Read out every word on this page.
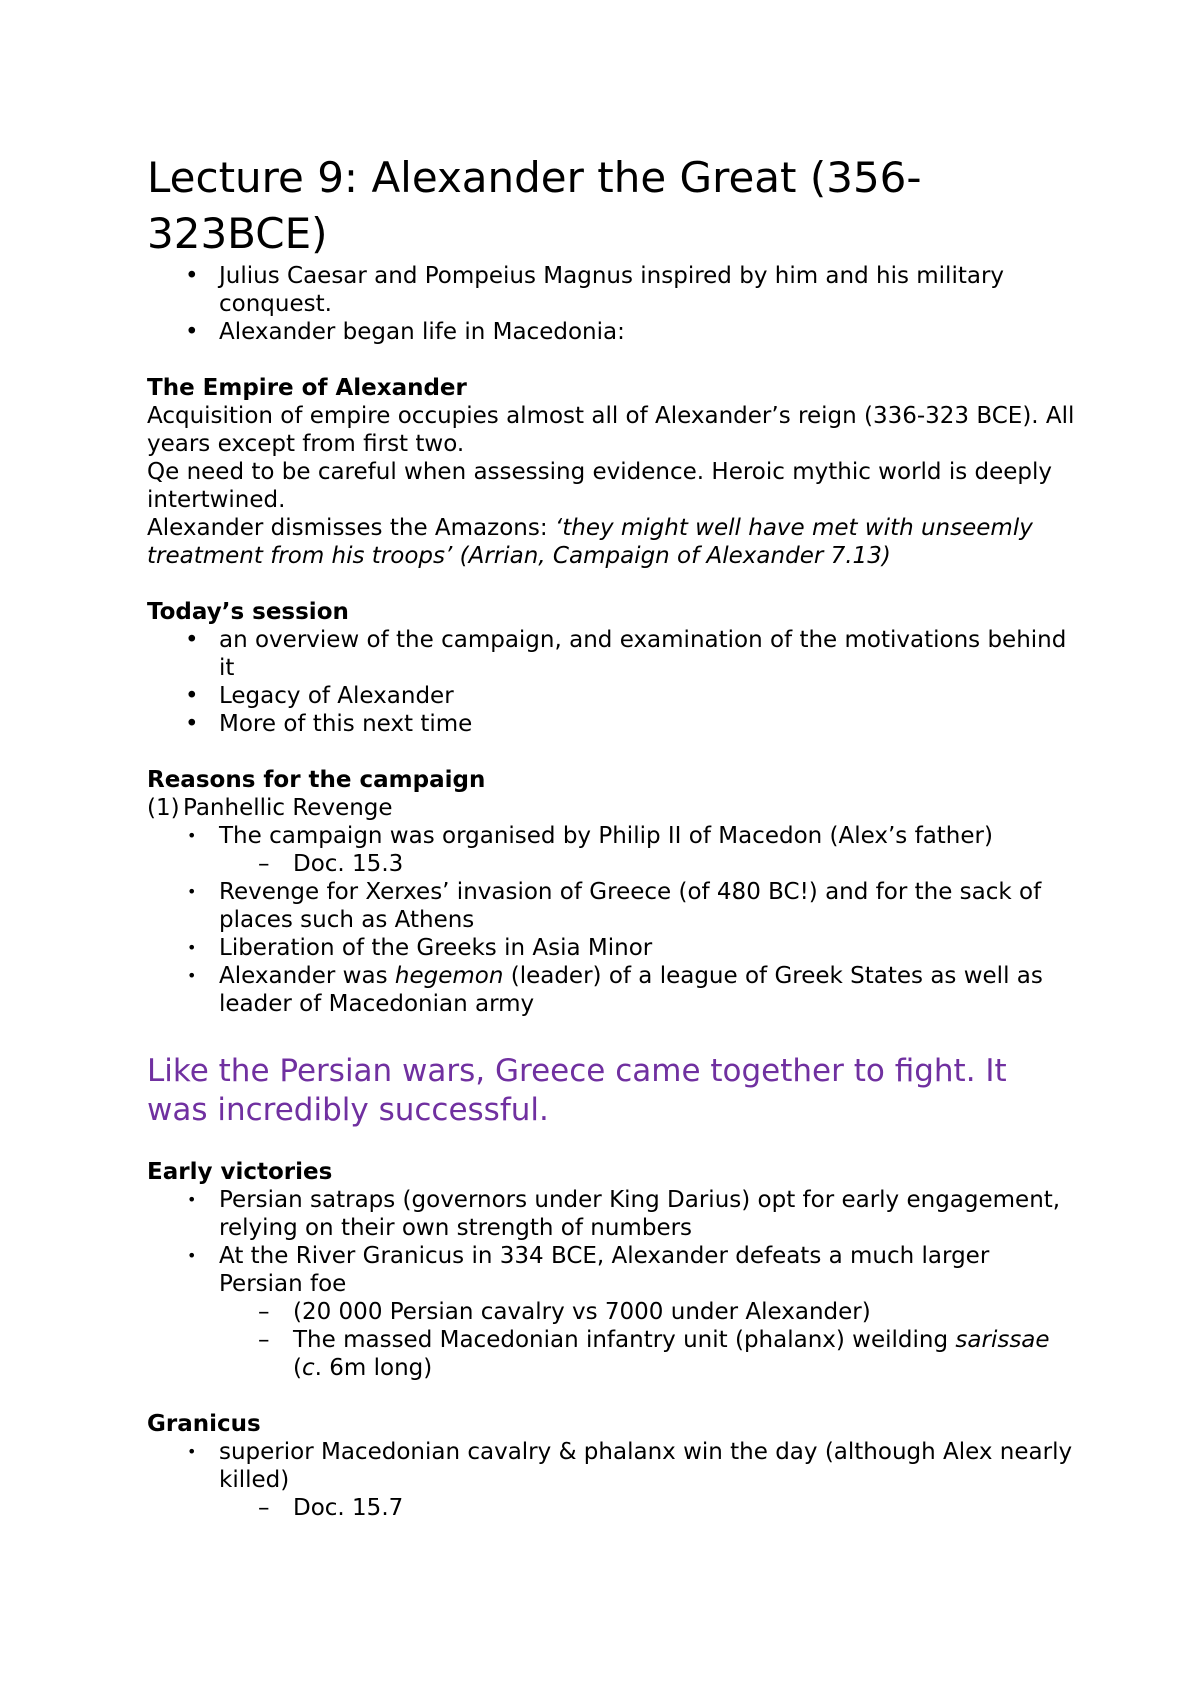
Lecture 9: Alexander the Great (356-323BCE)
• Julius Caesar and Pompeius Magnus inspired by him and his military conquest.
• Alexander began life in Macedonia:
The Empire of Alexander

Acquisition of empire occupies almost all of Alexander’s reign (336-323 BCE). All years except from first two.

Qe need to be careful when assessing evidence. Heroic mythic world is deeply intertwined.

Alexander dismisses the Amazons: ‘they might well have met with unseemly treatment from his troops’ (Arrian, Campaign of Alexander 7.13)

Today’s session
• an overview of the campaign, and examination of the motivations behind it
• Legacy of Alexander
• More of this next time
Reasons for the campaign

(1) Panhellic Revenge

• The campaign was organised by Philip II of Macedon (Alex’s father)
– Doc. 15.3
• Revenge for Xerxes’ invasion of Greece (of 480 BC!) and for the sack of places such as Athens
• Liberation of the Greeks in Asia Minor
• Alexander was hegemon (leader) of a league of Greek States as well as leader of Macedonian army

Like the Persian wars, Greece came together to fight. It was incredibly successful.

Early victories
• Persian satraps (governors under King Darius) opt for early engagement, relying on their own strength of numbers
• At the River Granicus in 334 BCE, Alexander defeats a much larger Persian foe
– (20 000 Persian cavalry vs 7000 under Alexander)
– The massed Macedonian infantry unit (phalanx) weilding sarissae (c. 6m long)
Granicus
• superior Macedonian cavalry & phalanx win the day (although Alex nearly killed)
– Doc. 15.7
